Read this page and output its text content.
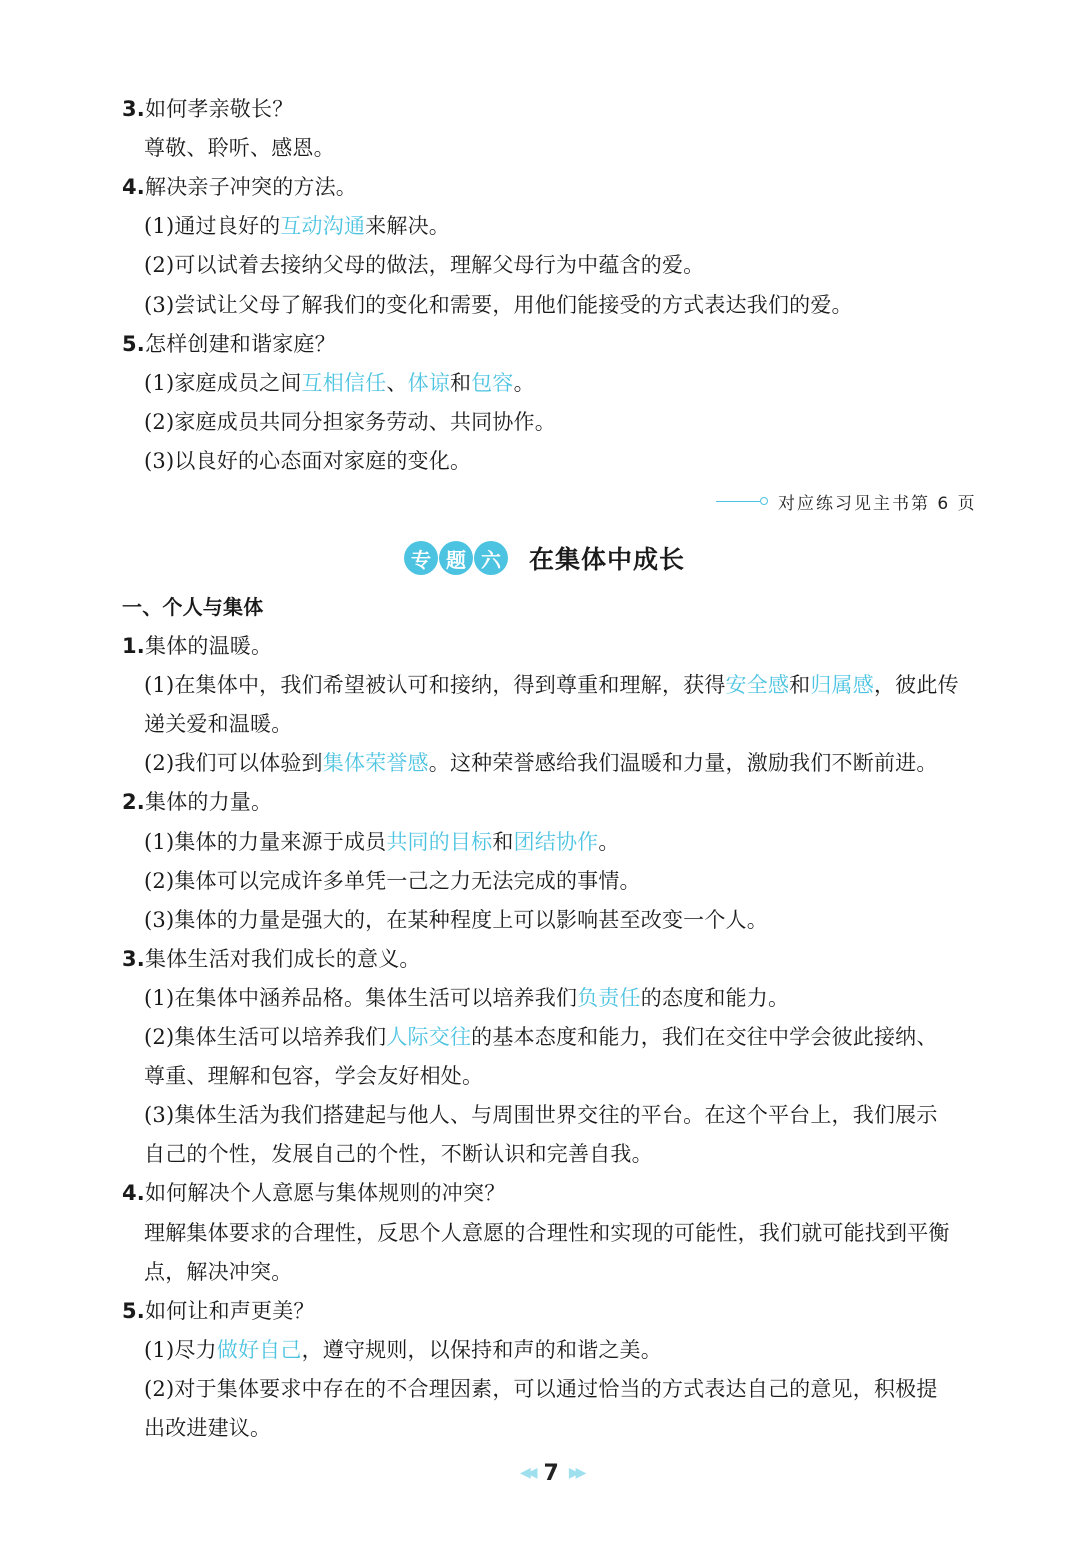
3.如何孝亲敬长？
尊敬、聆听、感恩。
4.解决亲子冲突的方法。
(1)通过良好的互动沟通来解决。
(2)可以试着去接纳父母的做法，理解父母行为中蕴含的爱。
(3)尝试让父母了解我们的变化和需要，用他们能接受的方式表达我们的爱。
5.怎样创建和谐家庭？
(1)家庭成员之间互相信任、体谅和包容。
(2)家庭成员共同分担家务劳动、共同协作。
(3)以良好的心态面对家庭的变化。
对应练习见主书第 6 页
专 题 六 在集体中成长
一、个人与集体
1.集体的温暖。
(1)在集体中，我们希望被认可和接纳，得到尊重和理解，获得安全感和归属感，彼此传
递关爱和温暖。
(2)我们可以体验到集体荣誉感。这种荣誉感给我们温暖和力量，激励我们不断前进。
2.集体的力量。
(1)集体的力量来源于成员共同的目标和团结协作。
(2)集体可以完成许多单凭一己之力无法完成的事情。
(3)集体的力量是强大的，在某种程度上可以影响甚至改变一个人。
3.集体生活对我们成长的意义。
(1)在集体中涵养品格。集体生活可以培养我们负责任的态度和能力。
(2)集体生活可以培养我们人际交往的基本态度和能力，我们在交往中学会彼此接纳、
尊重、理解和包容，学会友好相处。
(3)集体生活为我们搭建起与他人、与周围世界交往的平台。在这个平台上，我们展示
自己的个性，发展自己的个性，不断认识和完善自我。
4.如何解决个人意愿与集体规则的冲突？
理解集体要求的合理性，反思个人意愿的合理性和实现的可能性，我们就可能找到平衡
点，解决冲突。
5.如何让和声更美？
(1)尽力做好自己，遵守规则，以保持和声的和谐之美。
(2)对于集体要求中存在的不合理因素，可以通过恰当的方式表达自己的意见，积极提
出改进建议。
◀◀ 7 ▶▶
